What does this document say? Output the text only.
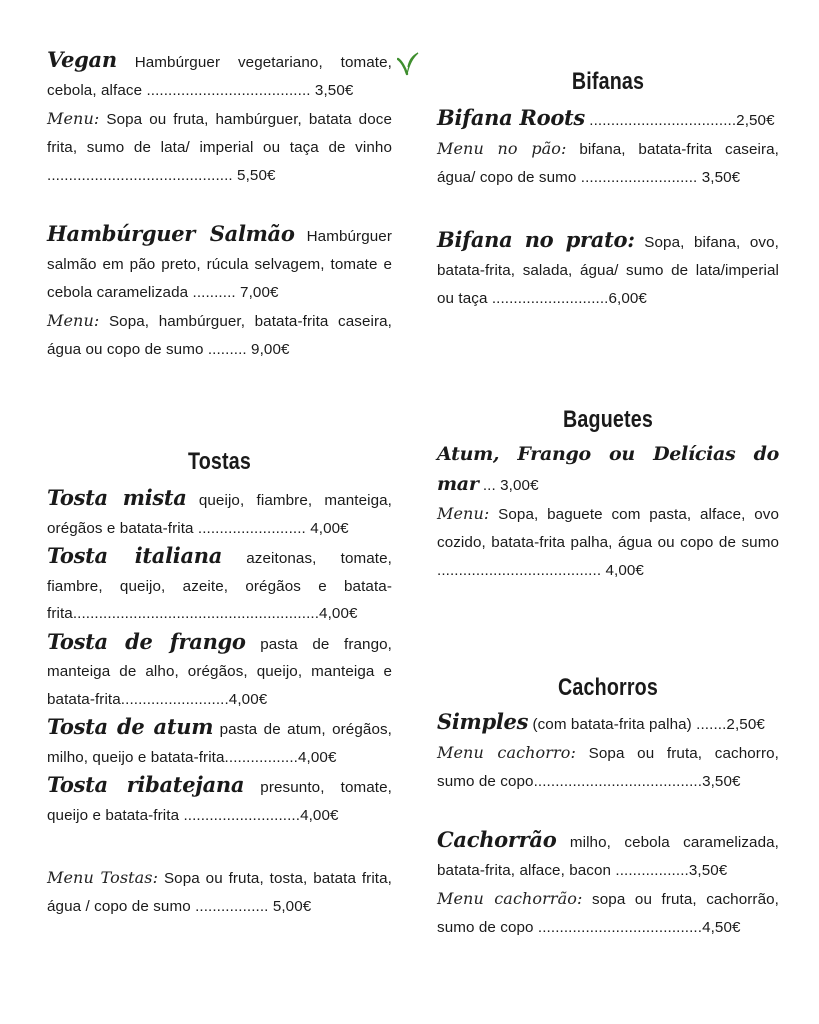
Vegan Hambúrguer vegetariano, tomate, cebola, alface ...................................... 3,50€

Menu: Sopa ou fruta, hambúrguer, batata doce frita, sumo de lata/ imperial ou taça de vinho ........................................... 5,50€

Hambúrguer Salmão Hambúrguer salmão em pão preto, rúcula selvagem, tomate e cebola caramelizada .......... 7,00€

Menu: Sopa, hambúrguer, batata-frita caseira, água ou copo de sumo ......... 9,00€

Tostas

Tosta mista queijo, fiambre, manteiga, orégãos e batata-frita ......................... 4,00€

Tosta italiana azeitonas, tomate, fiambre, queijo, azeite, orégãos e batata-frita.........................................................4,00€

Tosta de frango pasta de frango, manteiga de alho, orégãos, queijo, manteiga e batata-frita.........................4,00€

Tosta de atum pasta de atum, orégãos, milho, queijo e batata-frita.................4,00€

Tosta ribatejana presunto, tomate, queijo e batata-frita ...........................4,00€

Menu Tostas: Sopa ou fruta, tosta, batata frita, água / copo de sumo ................. 5,00€

Bifanas

Bifana Roots ..................................2,50€

Menu no pão: bifana, batata-frita caseira, água/ copo de sumo ........................... 3,50€

Bifana no prato: Sopa, bifana, ovo, batata-frita, salada, água/ sumo de lata/imperial ou taça ...........................6,00€

Baguetes

Atum, Frango ou Delícias do mar ... 3,00€

Menu: Sopa, baguete com pasta, alface, ovo cozido, batata-frita palha, água ou copo de sumo ...................................... 4,00€

Cachorros

Simples (com batata-frita palha) .......2,50€

Menu cachorro: Sopa ou fruta, cachorro, sumo de copo.......................................3,50€

Cachorrão milho, cebola caramelizada, batata-frita, alface, bacon .................3,50€

Menu cachorrão: sopa ou fruta, cachorrão, sumo de copo ......................................4,50€
